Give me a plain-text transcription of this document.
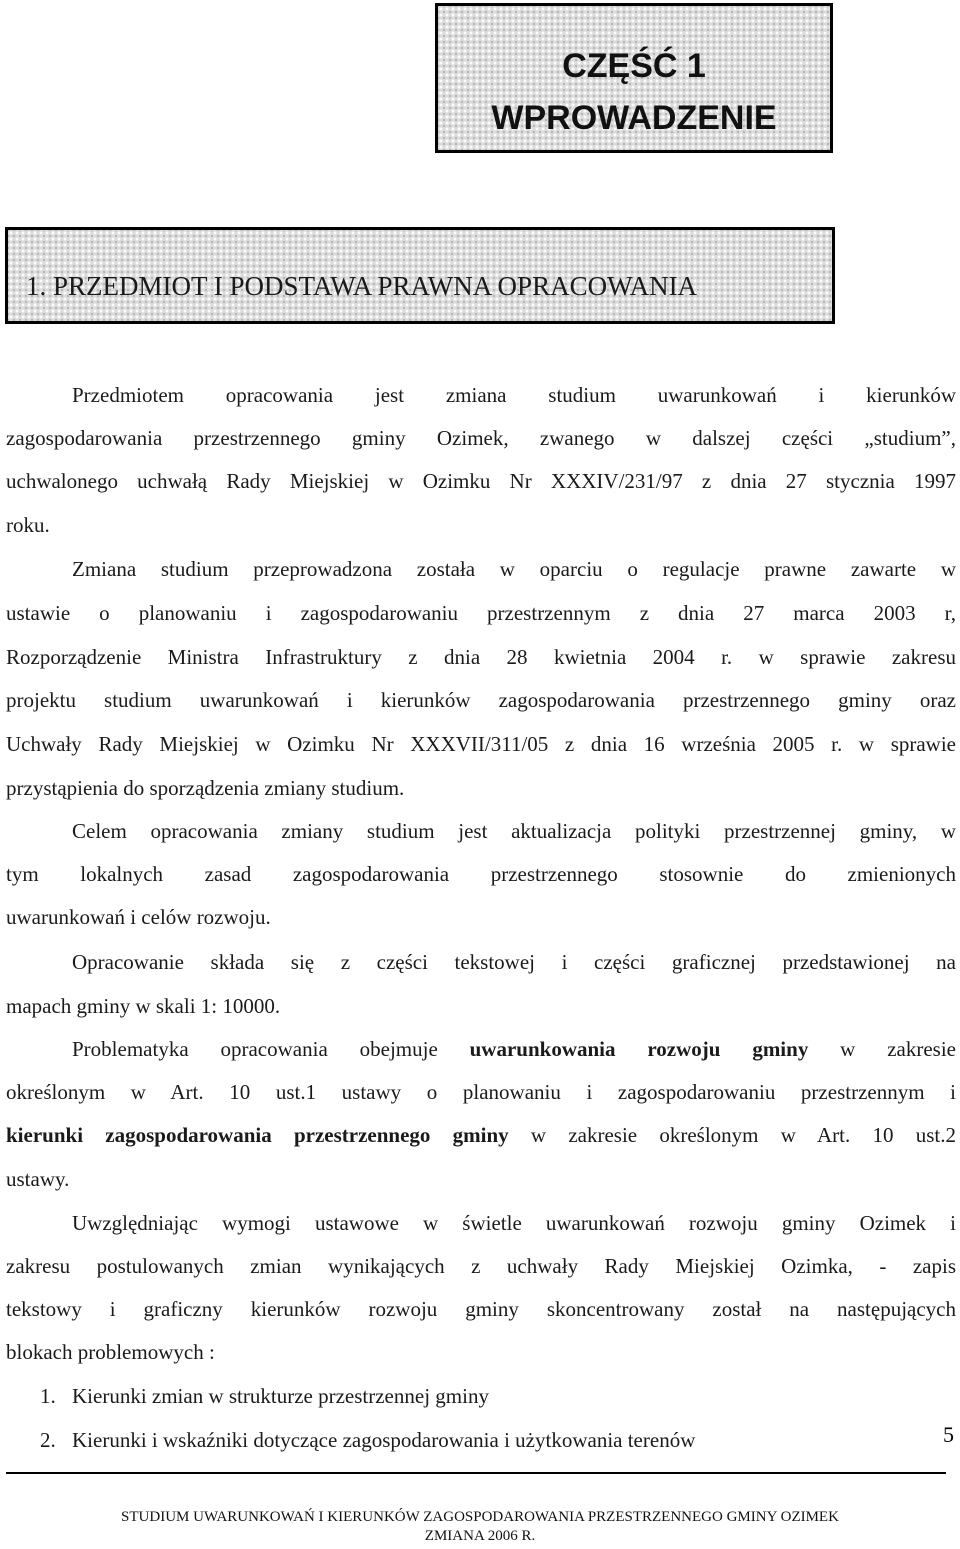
CZĘŚĆ 1
WPROWADZENIE
1. PRZEDMIOT I PODSTAWA PRAWNA OPRACOWANIA
Przedmiotem opracowania jest zmiana studium uwarunkowań i kierunków
zagospodarowania przestrzennego gminy Ozimek, zwanego w dalszej części „studium”,
uchwalonego uchwałą Rady Miejskiej w Ozimku Nr XXXIV/231/97 z dnia 27 stycznia 1997
roku.
Zmiana studium przeprowadzona została w oparciu o regulacje prawne zawarte w
ustawie o planowaniu i zagospodarowaniu przestrzennym z dnia 27 marca 2003 r,
Rozporządzenie Ministra Infrastruktury z dnia 28 kwietnia 2004 r. w sprawie zakresu
projektu studium uwarunkowań i kierunków zagospodarowania przestrzennego gminy oraz
Uchwały Rady Miejskiej w Ozimku Nr XXXVII/311/05 z dnia 16 września 2005 r. w sprawie
przystąpienia do sporządzenia zmiany studium.
Celem opracowania zmiany studium jest aktualizacja polityki przestrzennej gminy, w
tym lokalnych zasad zagospodarowania przestrzennego stosownie do zmienionych
uwarunkowań i celów rozwoju.
Opracowanie składa się z części tekstowej i części graficznej przedstawionej na
mapach gminy w skali 1: 10000.
Problematyka opracowania obejmuje uwarunkowania rozwoju gminy w zakresie
określonym w Art. 10 ust.1 ustawy o planowaniu i zagospodarowaniu przestrzennym i
kierunki zagospodarowania przestrzennego gminy w zakresie określonym w Art. 10 ust.2
ustawy.
Uwzględniając wymogi ustawowe w świetle uwarunkowań rozwoju gminy Ozimek i
zakresu postulowanych zmian wynikających z uchwały Rady Miejskiej Ozimka, - zapis
tekstowy i graficzny kierunków rozwoju gminy skoncentrowany został na następujących
blokach problemowych :
1. Kierunki zmian w strukturze przestrzennej gminy
2. Kierunki i wskaźniki dotyczące zagospodarowania i użytkowania terenów	5
STUDIUM UWARUNKOWAŃ I KIERUNKÓW ZAGOSPODAROWANIA PRZESTRZENNEGO GMINY OZIMEK
ZMIANA 2006 R.
